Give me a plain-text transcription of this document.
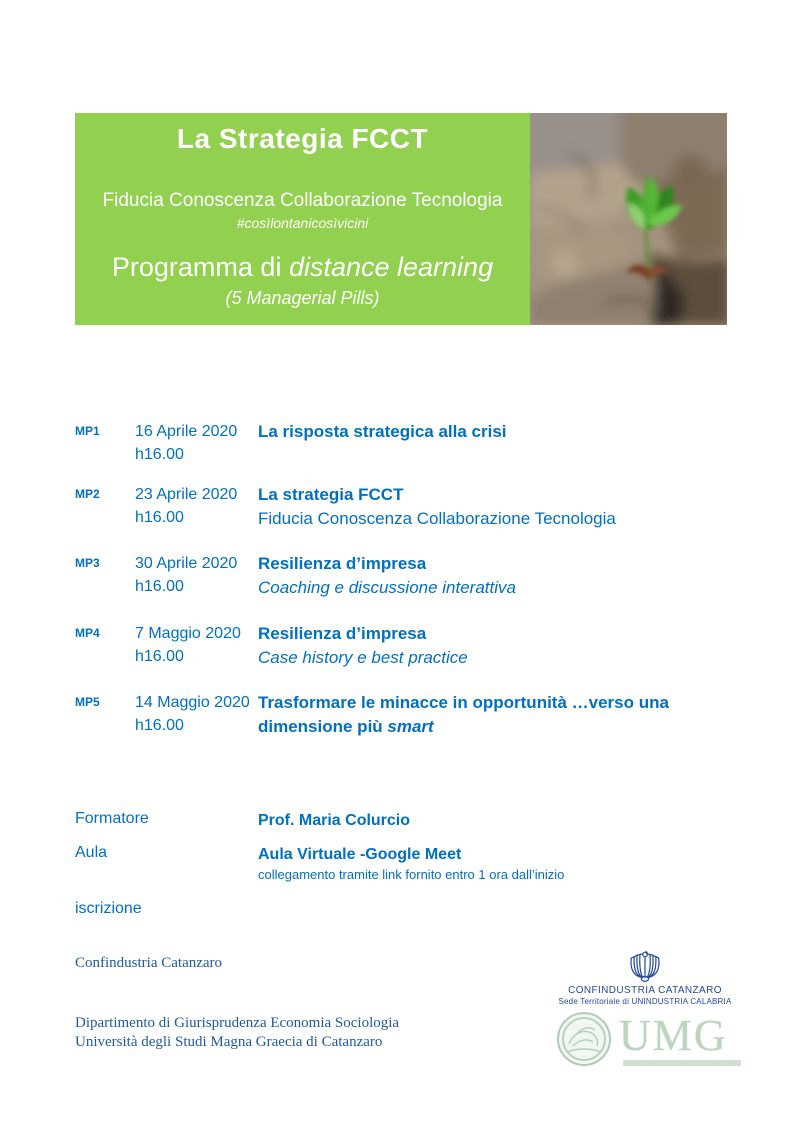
La Strategia FCCT
Fiducia Conoscenza Collaborazione Tecnologia
#cosìlontanicosìvicini
Programma di distance learning
(5 Managerial Pills)
MP1	16 Aprile 2020
h16.00
La risposta strategica alla crisi
MP2	23 Aprile 2020
h16.00
La strategia FCCT
Fiducia Conoscenza Collaborazione Tecnologia
MP3	30 Aprile 2020
h16.00
Resilienza d’impresa
Coaching e discussione interattiva
MP4	7 Maggio 2020
h16.00
Resilienza d’impresa
Case history e best practice
MP5	14 Maggio 2020
h16.00
Trasformare le minacce in opportunità …verso una dimensione più smart
Formatore	Prof. Maria Colurcio
Aula	Aula Virtuale -Google Meet
collegamento tramite link fornito entro 1 ora dall’inizio
iscrizione
Confindustria Catanzaro
Dipartimento di Giurisprudenza Economia Sociologia
Università degli Studi Magna Graecia di Catanzaro
CONFINDUSTRIA CATANZARO
Sede Territoriale di UNINDUSTRIA CALABRIA
UMG
